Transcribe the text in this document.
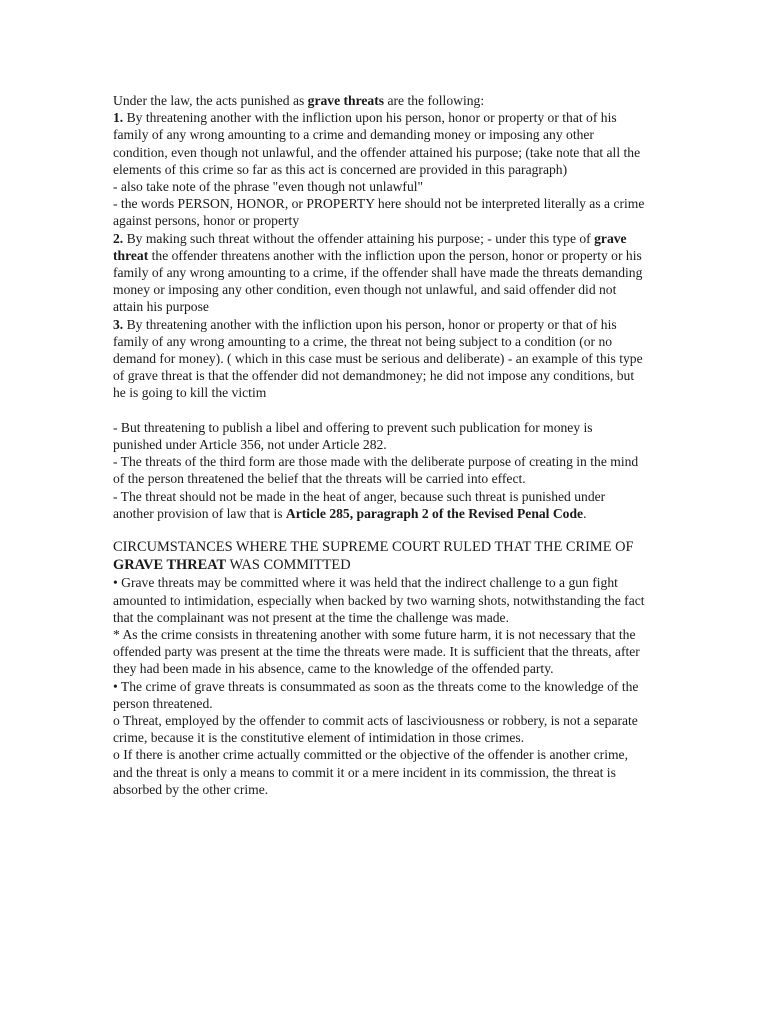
Under the law, the acts punished as grave threats are the following:

1. By threatening another with the infliction upon his person, honor or property or that of his family of any wrong amounting to a crime and demanding money or imposing any other condition, even though not unlawful, and the offender attained his purpose; (take note that all the elements of this crime so far as this act is concerned are provided in this paragraph)

- also take note of the phrase "even though not unlawful"

- the words PERSON, HONOR, or PROPERTY here should not be interpreted literally as a crime against persons, honor or property

2. By making such threat without the offender attaining his purpose; - under this type of grave threat the offender threatens another with the infliction upon the person, honor or property or his family of any wrong amounting to a crime, if the offender shall have made the threats demanding money or imposing any other condition, even though not unlawful, and said offender did not attain his purpose

3. By threatening another with the infliction upon his person, honor or property or that of his family of any wrong amounting to a crime, the threat not being subject to a condition (or no demand for money). ( which in this case must be serious and deliberate) - an example of this type of grave threat is that the offender did not demandmoney; he did not impose any conditions, but he is going to kill the victim

- But threatening to publish a libel and offering to prevent such publication for money is punished under Article 356, not under Article 282.

- The threats of the third form are those made with the deliberate purpose of creating in the mind of the person threatened the belief that the threats will be carried into effect.

- The threat should not be made in the heat of anger, because such threat is punished under another provision of law that is Article 285, paragraph 2 of the Revised Penal Code.

CIRCUMSTANCES WHERE THE SUPREME COURT RULED THAT THE CRIME OF GRAVE THREAT WAS COMMITTED

• Grave threats may be committed where it was held that the indirect challenge to a gun fight amounted to intimidation, especially when backed by two warning shots, notwithstanding the fact that the complainant was not present at the time the challenge was made.

* As the crime consists in threatening another with some future harm, it is not necessary that the offended party was present at the time the threats were made. It is sufficient that the threats, after they had been made in his absence, came to the knowledge of the offended party.

• The crime of grave threats is consummated as soon as the threats come to the knowledge of the person threatened.

o Threat, employed by the offender to commit acts of lasciviousness or robbery, is not a separate crime, because it is the constitutive element of intimidation in those crimes.

o If there is another crime actually committed or the objective of the offender is another crime, and the threat is only a means to commit it or a mere incident in its commission, the threat is absorbed by the other crime.
